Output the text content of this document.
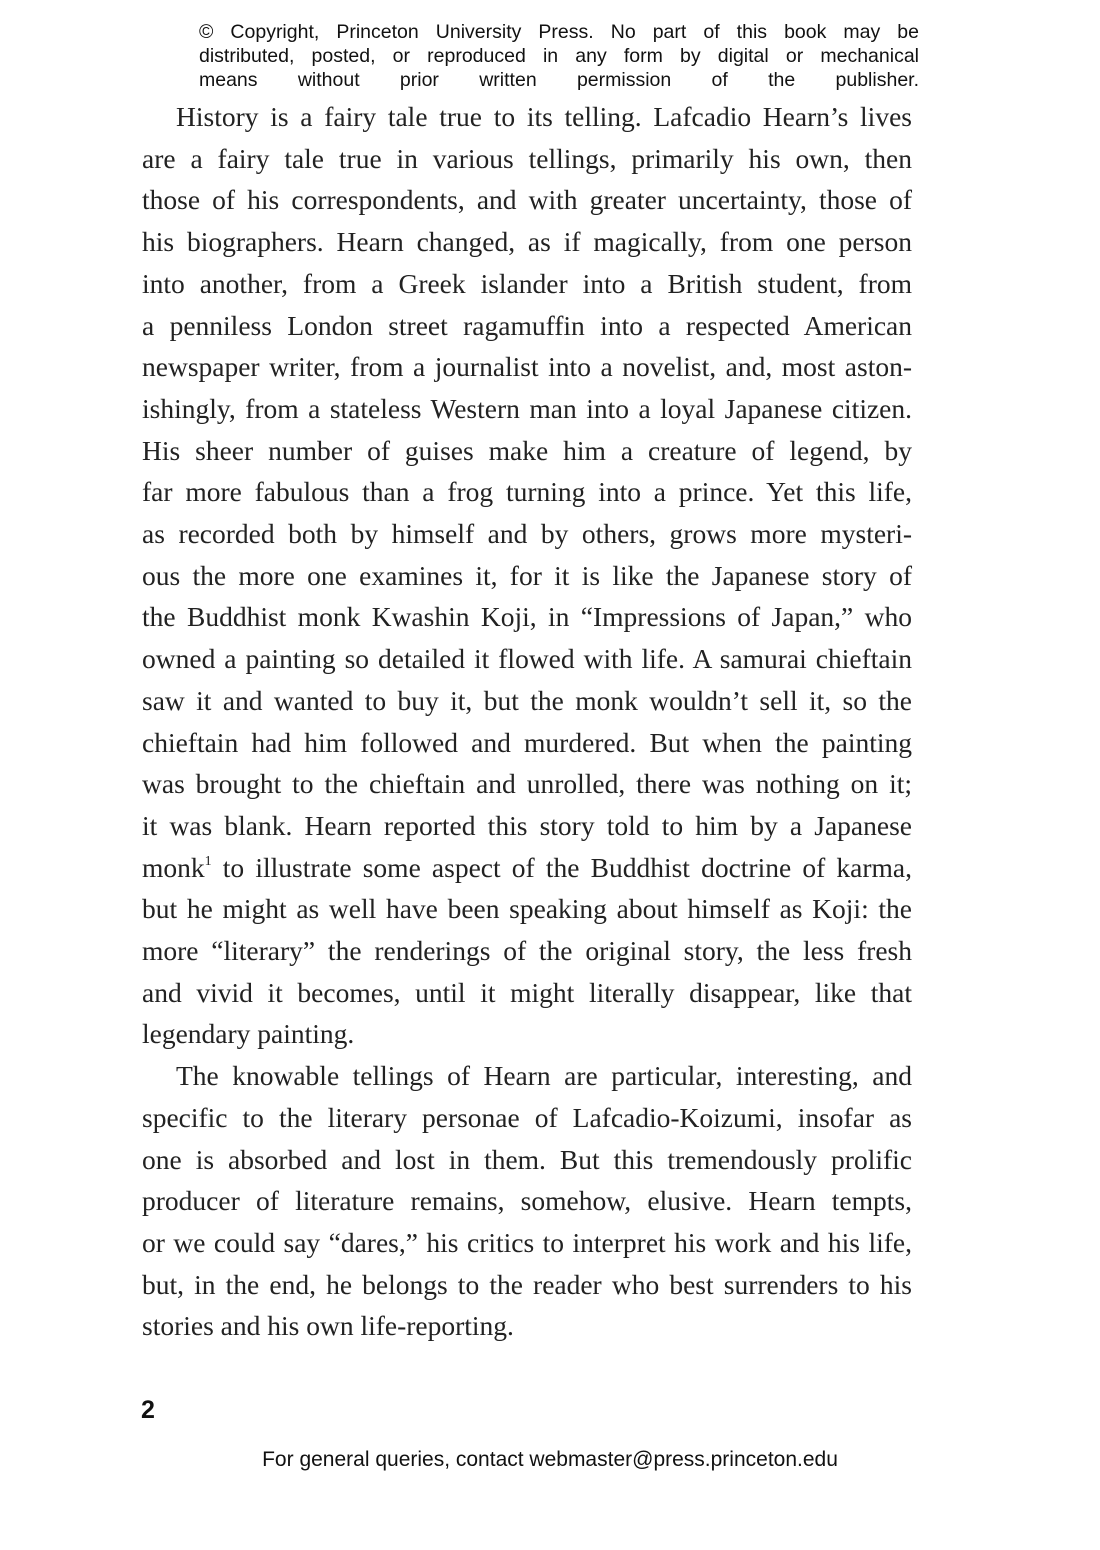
© Copyright, Princeton University Press. No part of this book may be
distributed, posted, or reproduced in any form by digital or mechanical
means without prior written permission of the publisher.

History is a fairy tale true to its telling. Lafcadio Hearn’s lives
are a fairy tale true in various tellings, primarily his own, then
those of his correspondents, and with greater uncertainty, those of
his biographers. Hearn changed, as if magically, from one person
into another, from a Greek islander into a British student, from
a penniless London street ragamuffin into a respected American
newspaper writer, from a journalist into a novelist, and, most aston-
ishingly, from a stateless Western man into a loyal Japanese citizen.
His sheer number of guises make him a creature of legend, by
far more fabulous than a frog turning into a prince. Yet this life,
as recorded both by himself and by others, grows more mysteri-
ous the more one examines it, for it is like the Japanese story of
the Buddhist monk Kwashin Koji, in “Impressions of Japan,” who
owned a painting so detailed it flowed with life. A samurai chieftain
saw it and wanted to buy it, but the monk wouldn’t sell it, so the
chieftain had him followed and murdered. But when the painting
was brought to the chieftain and unrolled, there was nothing on it;
it was blank. Hearn reported this story told to him by a Japanese
monk$^1$ to illustrate some aspect of the Buddhist doctrine of karma,
but he might as well have been speaking about himself as Koji: the
more “literary” the renderings of the original story, the less fresh
and vivid it becomes, until it might literally disappear, like that
legendary painting.

The knowable tellings of Hearn are particular, interesting, and
specific to the literary personae of Lafcadio-Koizumi, insofar as
one is absorbed and lost in them. But this tremendously prolific
producer of literature remains, somehow, elusive. Hearn tempts,
or we could say “dares,” his critics to interpret his work and his life,
but, in the end, he belongs to the reader who best surrenders to his
stories and his own life-reporting.

2
For general queries, contact webmaster@press.princeton.edu
